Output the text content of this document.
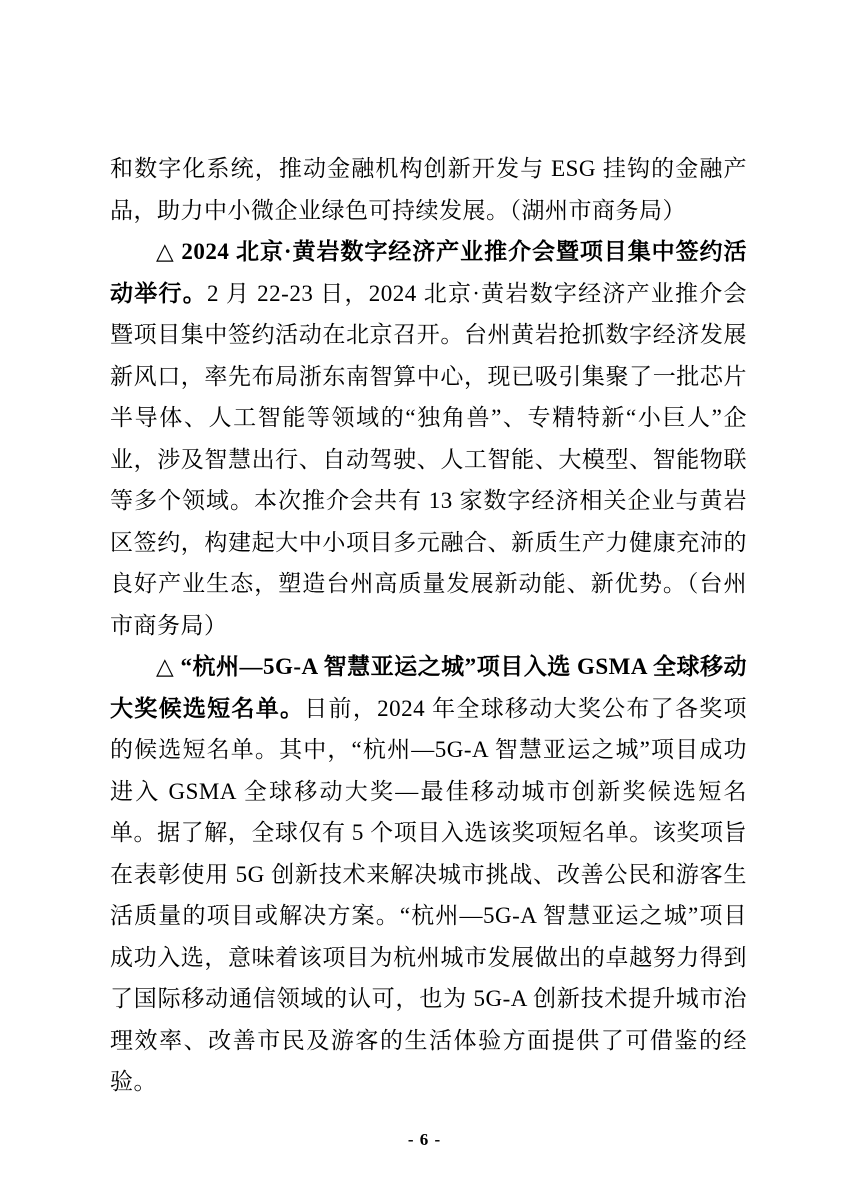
和数字化系统，推动金融机构创新开发与 ESG 挂钩的金融产品，助力中小微企业绿色可持续发展。（湖州市商务局）

△ 2024 北京·黄岩数字经济产业推介会暨项目集中签约活动举行。2 月 22-23 日，2024 北京·黄岩数字经济产业推介会暨项目集中签约活动在北京召开。台州黄岩抢抓数字经济发展新风口，率先布局浙东南智算中心，现已吸引集聚了一批芯片半导体、人工智能等领域的“独角兽”、专精特新“小巨人”企业，涉及智慧出行、自动驾驶、人工智能、大模型、智能物联等多个领域。本次推介会共有 13 家数字经济相关企业与黄岩区签约，构建起大中小项目多元融合、新质生产力健康充沛的良好产业生态，塑造台州高质量发展新动能、新优势。（台州市商务局）

△ “杭州—5G-A 智慧亚运之城”项目入选 GSMA 全球移动大奖候选短名单。日前，2024 年全球移动大奖公布了各奖项的候选短名单。其中，“杭州—5G-A 智慧亚运之城”项目成功进入 GSMA 全球移动大奖—最佳移动城市创新奖候选短名单。据了解，全球仅有 5 个项目入选该奖项短名单。该奖项旨在表彰使用 5G 创新技术来解决城市挑战、改善公民和游客生活质量的项目或解决方案。“杭州—5G-A 智慧亚运之城”项目成功入选，意味着该项目为杭州城市发展做出的卓越努力得到了国际移动通信领域的认可，也为 5G-A 创新技术提升城市治理效率、改善市民及游客的生活体验方面提供了可借鉴的经验。

- 6 -
